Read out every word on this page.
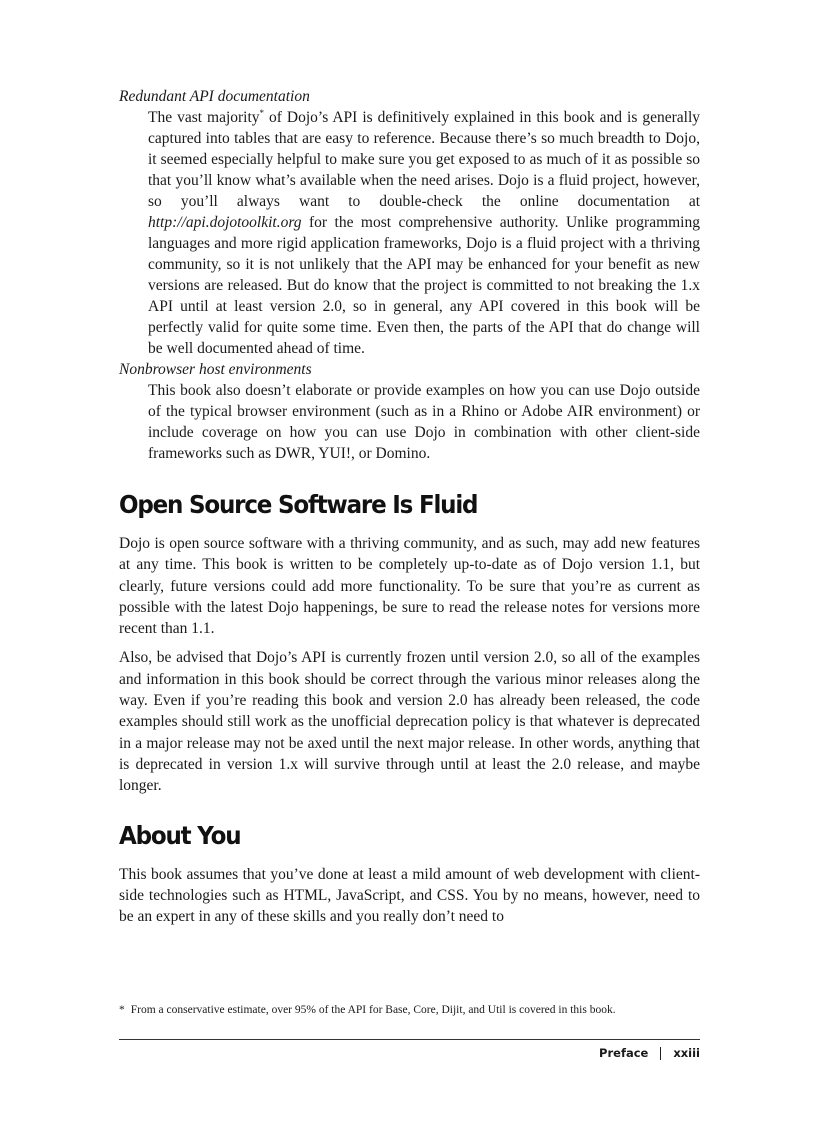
Redundant API documentation

The vast majority* of Dojo’s API is definitively explained in this book and is generally captured into tables that are easy to reference. Because there’s so much breadth to Dojo, it seemed especially helpful to make sure you get exposed to as much of it as possible so that you’ll know what’s available when the need arises. Dojo is a fluid project, however, so you’ll always want to double-check the online documentation at http://api.dojotoolkit.org for the most comprehensive authority. Unlike programming languages and more rigid application frameworks, Dojo is a fluid project with a thriving community, so it is not unlikely that the API may be enhanced for your benefit as new versions are released. But do know that the project is committed to not breaking the 1.x API until at least version 2.0, so in general, any API covered in this book will be perfectly valid for quite some time. Even then, the parts of the API that do change will be well documented ahead of time.

Nonbrowser host environments

This book also doesn’t elaborate or provide examples on how you can use Dojo outside of the typical browser environment (such as in a Rhino or Adobe AIR environment) or include coverage on how you can use Dojo in combination with other client-side frameworks such as DWR, YUI!, or Domino.

Open Source Software Is Fluid

Dojo is open source software with a thriving community, and as such, may add new features at any time. This book is written to be completely up-to-date as of Dojo version 1.1, but clearly, future versions could add more functionality. To be sure that you’re as current as possible with the latest Dojo happenings, be sure to read the release notes for versions more recent than 1.1.

Also, be advised that Dojo’s API is currently frozen until version 2.0, so all of the examples and information in this book should be correct through the various minor releases along the way. Even if you’re reading this book and version 2.0 has already been released, the code examples should still work as the unofficial deprecation policy is that whatever is deprecated in a major release may not be axed until the next major release. In other words, anything that is deprecated in version 1.x will survive through until at least the 2.0 release, and maybe longer.

About You

This book assumes that you’ve done at least a mild amount of web development with client-side technologies such as HTML, JavaScript, and CSS. You by no means, however, need to be an expert in any of these skills and you really don’t need to

* From a conservative estimate, over 95% of the API for Base, Core, Dijit, and Util is covered in this book.

Preface xxiii
